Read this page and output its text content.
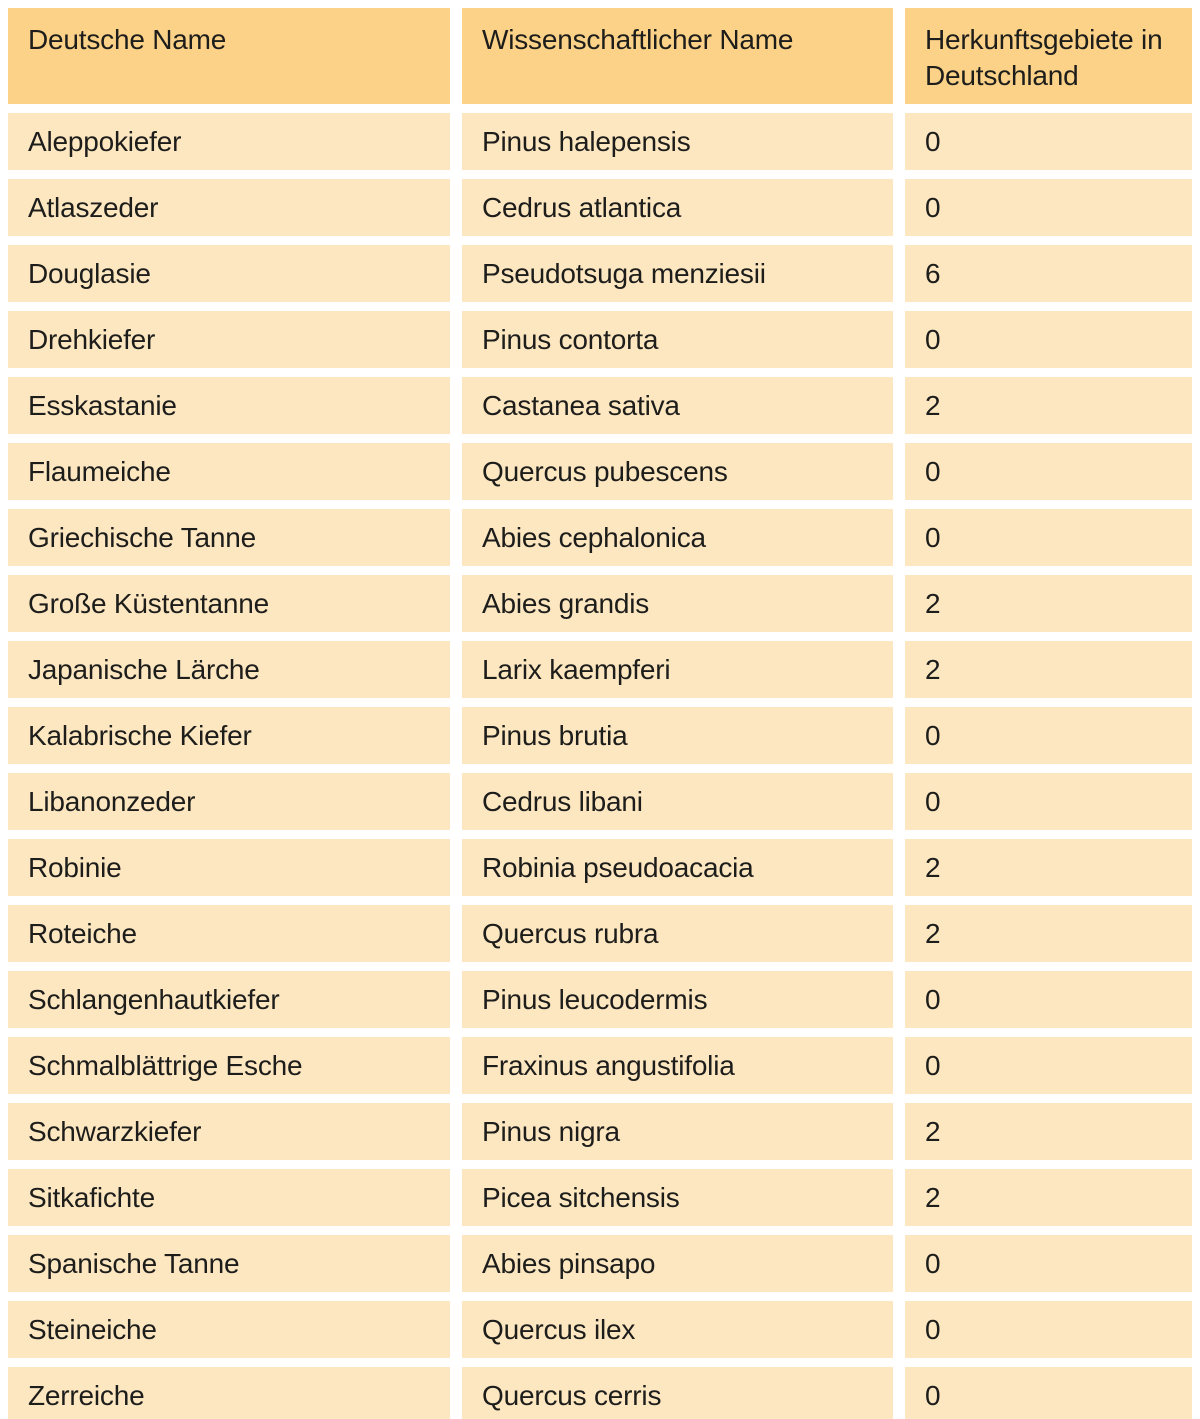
Deutsche Name	Wissenschaftlicher Name	Herkunftsgebiete in Deutschland
Aleppokiefer	Pinus halepensis	0
Atlaszeder	Cedrus atlantica	0
Douglasie	Pseudotsuga menziesii	6
Drehkiefer	Pinus contorta	0
Esskastanie	Castanea sativa	2
Flaumeiche	Quercus pubescens	0
Griechische Tanne	Abies cephalonica	0
Große Küstentanne	Abies grandis	2
Japanische Lärche	Larix kaempferi	2
Kalabrische Kiefer	Pinus brutia	0
Libanonzeder	Cedrus libani	0
Robinie	Robinia pseudoacacia	2
Roteiche	Quercus rubra	2
Schlangenhautkiefer	Pinus leucodermis	0
Schmalblättrige Esche	Fraxinus angustifolia	0
Schwarzkiefer	Pinus nigra	2
Sitkafichte	Picea sitchensis	2
Spanische Tanne	Abies pinsapo	0
Steineiche	Quercus ilex	0
Zerreiche	Quercus cerris	0
